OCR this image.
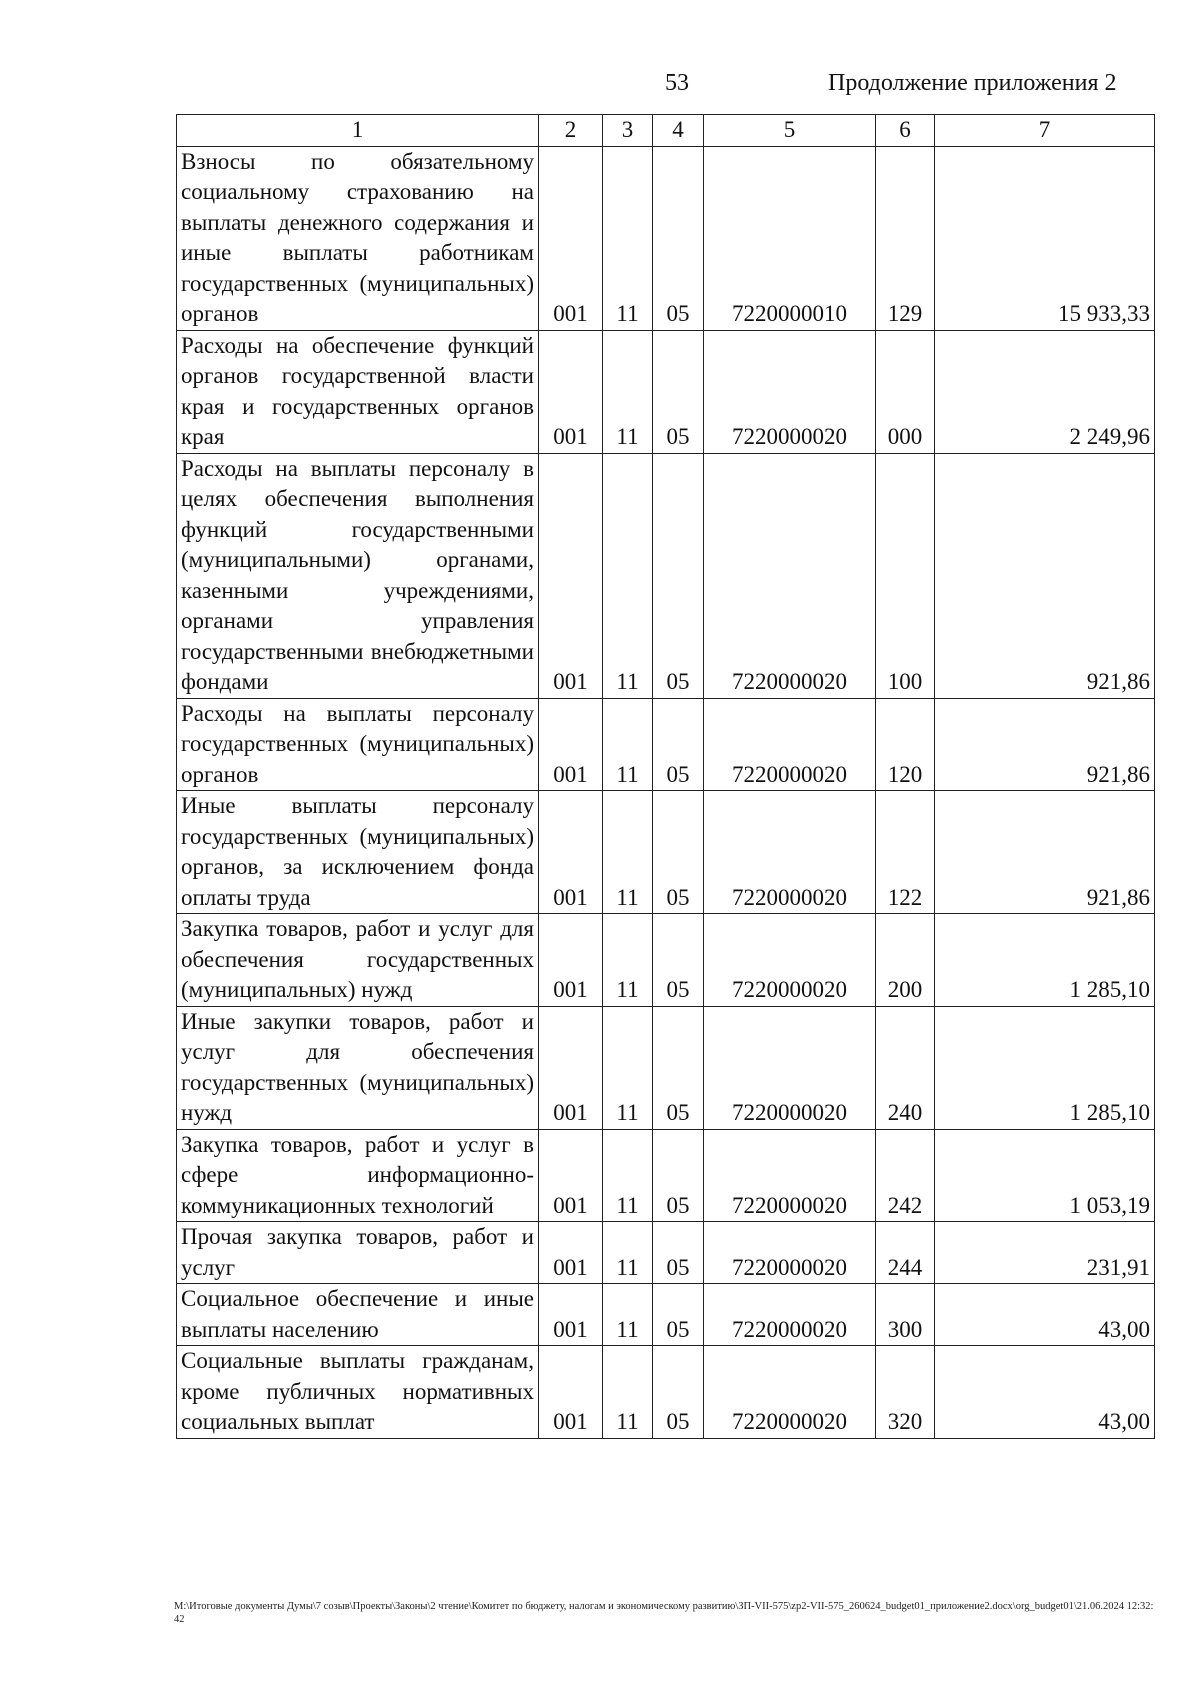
53	Продолжение приложения 2
1	2	3	4	5	6	7
Взносы по обязательному социальному страхованию на выплаты денежного содержания и иные выплаты работникам государственных (муниципальных) органов	001	11	05	7220000010	129	15 933,33
Расходы на обеспечение функций органов государственной власти края и государственных органов края	001	11	05	7220000020	000	2 249,96
Расходы на выплаты персоналу в целях обеспечения выполнения функций государственными (муниципальными) органами, казенными учреждениями, органами управления государственными внебюджетными фондами	001	11	05	7220000020	100	921,86
Расходы на выплаты персоналу государственных (муниципальных) органов	001	11	05	7220000020	120	921,86
Иные выплаты персоналу государственных (муниципальных) органов, за исключением фонда оплаты труда	001	11	05	7220000020	122	921,86
Закупка товаров, работ и услуг для обеспечения государственных (муниципальных) нужд	001	11	05	7220000020	200	1 285,10
Иные закупки товаров, работ и услуг для обеспечения государственных (муниципальных) нужд	001	11	05	7220000020	240	1 285,10
Закупка товаров, работ и услуг в сфере информационно-коммуникационных технологий	001	11	05	7220000020	242	1 053,19
Прочая закупка товаров, работ и услуг	001	11	05	7220000020	244	231,91
Социальное обеспечение и иные выплаты населению	001	11	05	7220000020	300	43,00
Социальные выплаты гражданам, кроме публичных нормативных социальных выплат	001	11	05	7220000020	320	43,00
M:\Итоговые документы Думы\7 созыв\Проекты\Законы\2 чтение\Комитет по бюджету, налогам и экономическому развитию\ЗП-VII-575\zp2-VII-575_260624_budget01_приложение2.docx\org_budget01\21.06.2024 12:32:42
